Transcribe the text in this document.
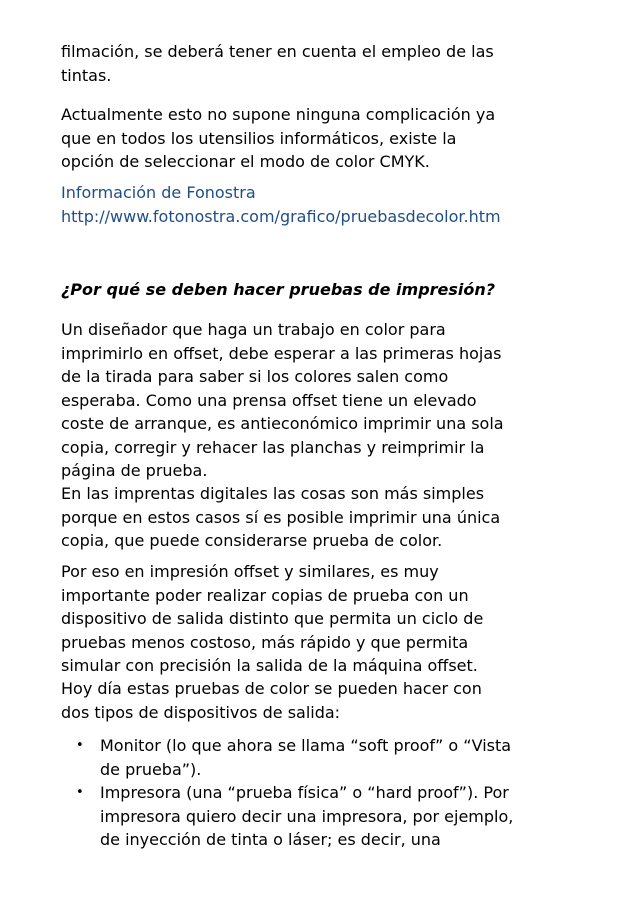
filmación, se deberá tener en cuenta el empleo de las
tintas.

Actualmente esto no supone ninguna complicación ya
que en todos los utensilios informáticos, existe la
opción de seleccionar el modo de color CMYK.

Información de Fonostra
http://www.fotonostra.com/grafico/pruebasdecolor.htm

¿Por qué se deben hacer pruebas de impresión?

Un diseñador que haga un trabajo en color para
imprimirlo en offset, debe esperar a las primeras hojas
de la tirada para saber si los colores salen como
esperaba. Como una prensa offset tiene un elevado
coste de arranque, es antieconómico imprimir una sola
copia, corregir y rehacer las planchas y reimprimir la
página de prueba.

En las imprentas digitales las cosas son más simples
porque en estos casos sí es posible imprimir una única
copia, que puede considerarse prueba de color.

Por eso en impresión offset y similares, es muy
importante poder realizar copias de prueba con un
dispositivo de salida distinto que permita un ciclo de
pruebas menos costoso, más rápido y que permita
simular con precisión la salida de la máquina offset.

Hoy día estas pruebas de color se pueden hacer con
dos tipos de dispositivos de salida:

• Monitor (lo que ahora se llama “soft proof” o “Vista
de prueba”).
• Impresora (una “prueba física” o “hard proof”). Por
impresora quiero decir una impresora, por ejemplo,
de inyección de tinta o láser; es decir, una
